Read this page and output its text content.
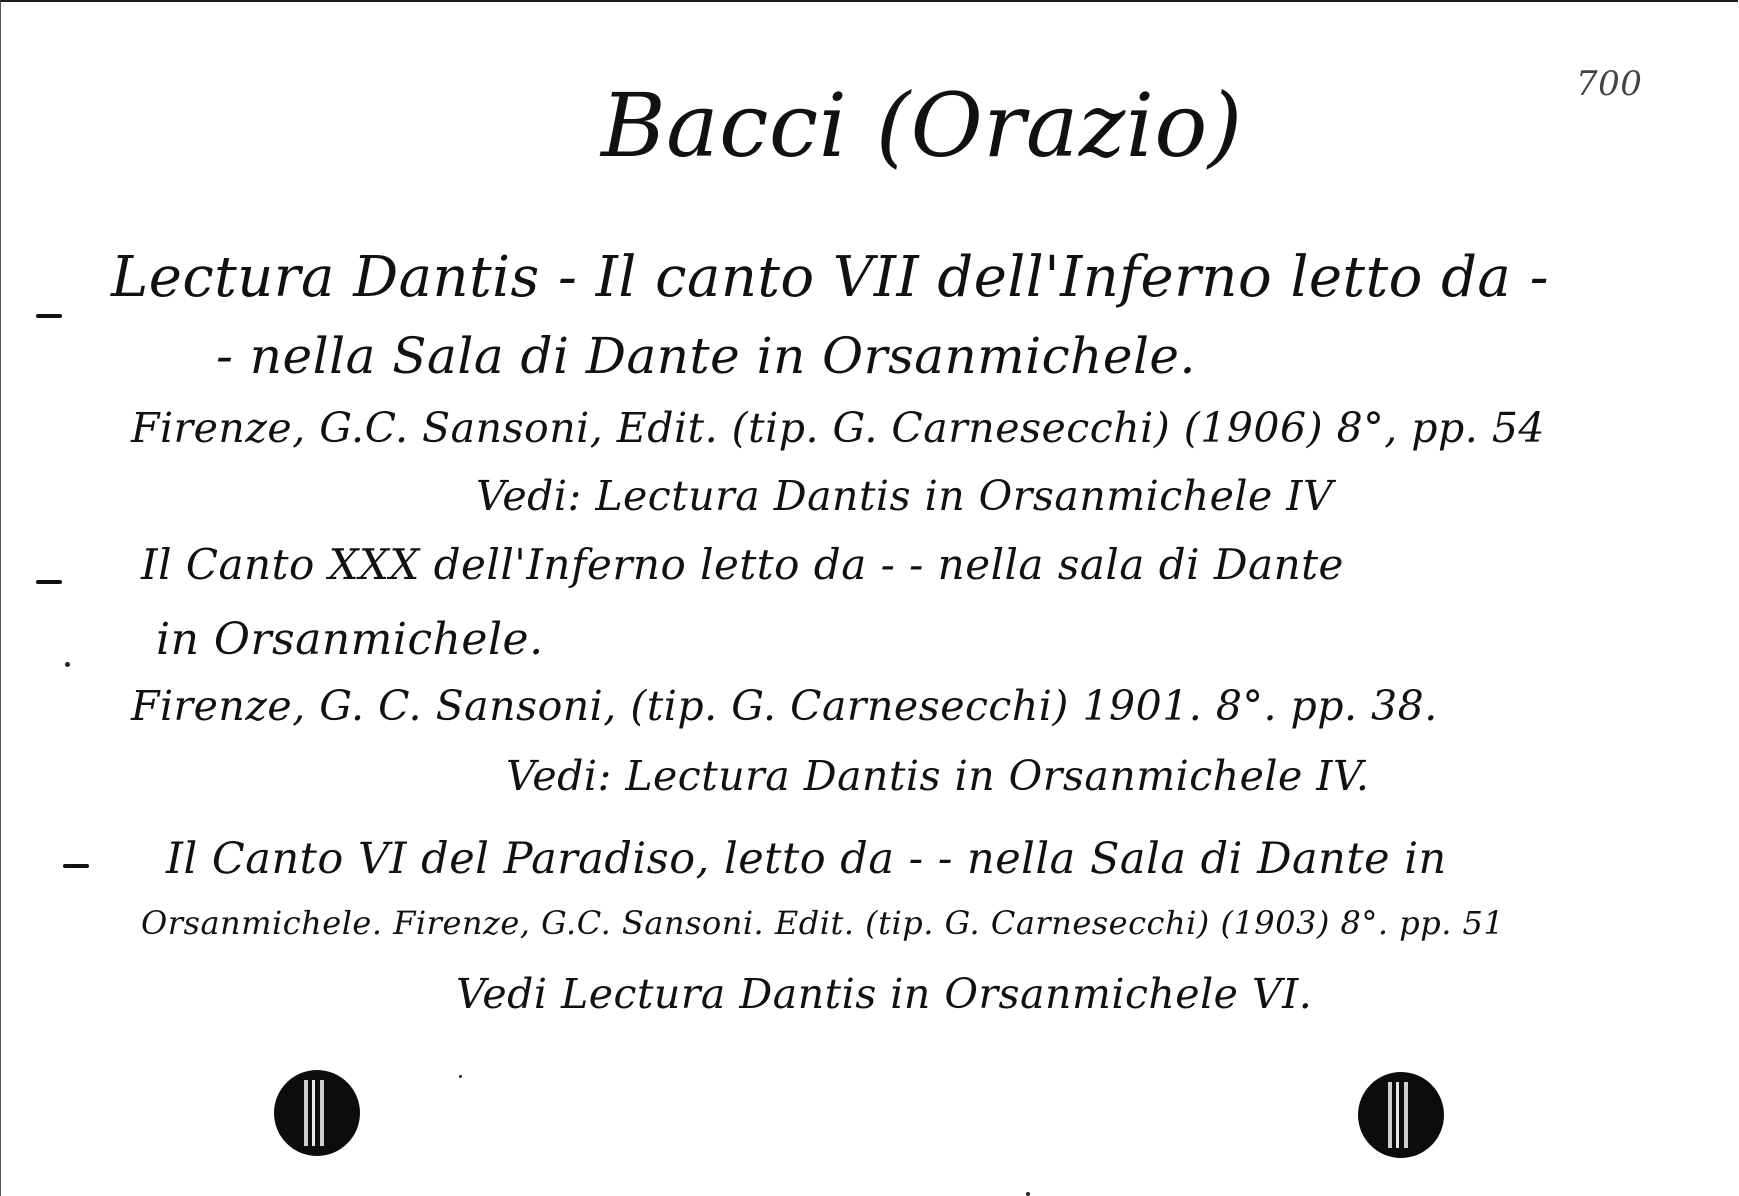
700
Bacci (Orazio)
Lectura Dantis - Il canto VII dell'Inferno letto da -
- nella Sala di Dante in Orsanmichele.
Firenze, G.C. Sansoni, Edit. (tip. G. Carnesecchi) (1906) 8°, pp. 54
Vedi: Lectura Dantis in Orsanmichele IV
Il Canto XXX dell'Inferno letto da - - nella sala di Dante
in Orsanmichele.
Firenze, G. C. Sansoni, (tip. G. Carnesecchi) 1901. 8°. pp. 38.
Vedi: Lectura Dantis in Orsanmichele IV.
Il Canto VI del Paradiso, letto da - - nella Sala di Dante in
Orsanmichele. Firenze, G.C. Sansoni. Edit. (tip. G. Carnesecchi) (1903) 8°. pp. 51
Vedi Lectura Dantis in Orsanmichele VI.
